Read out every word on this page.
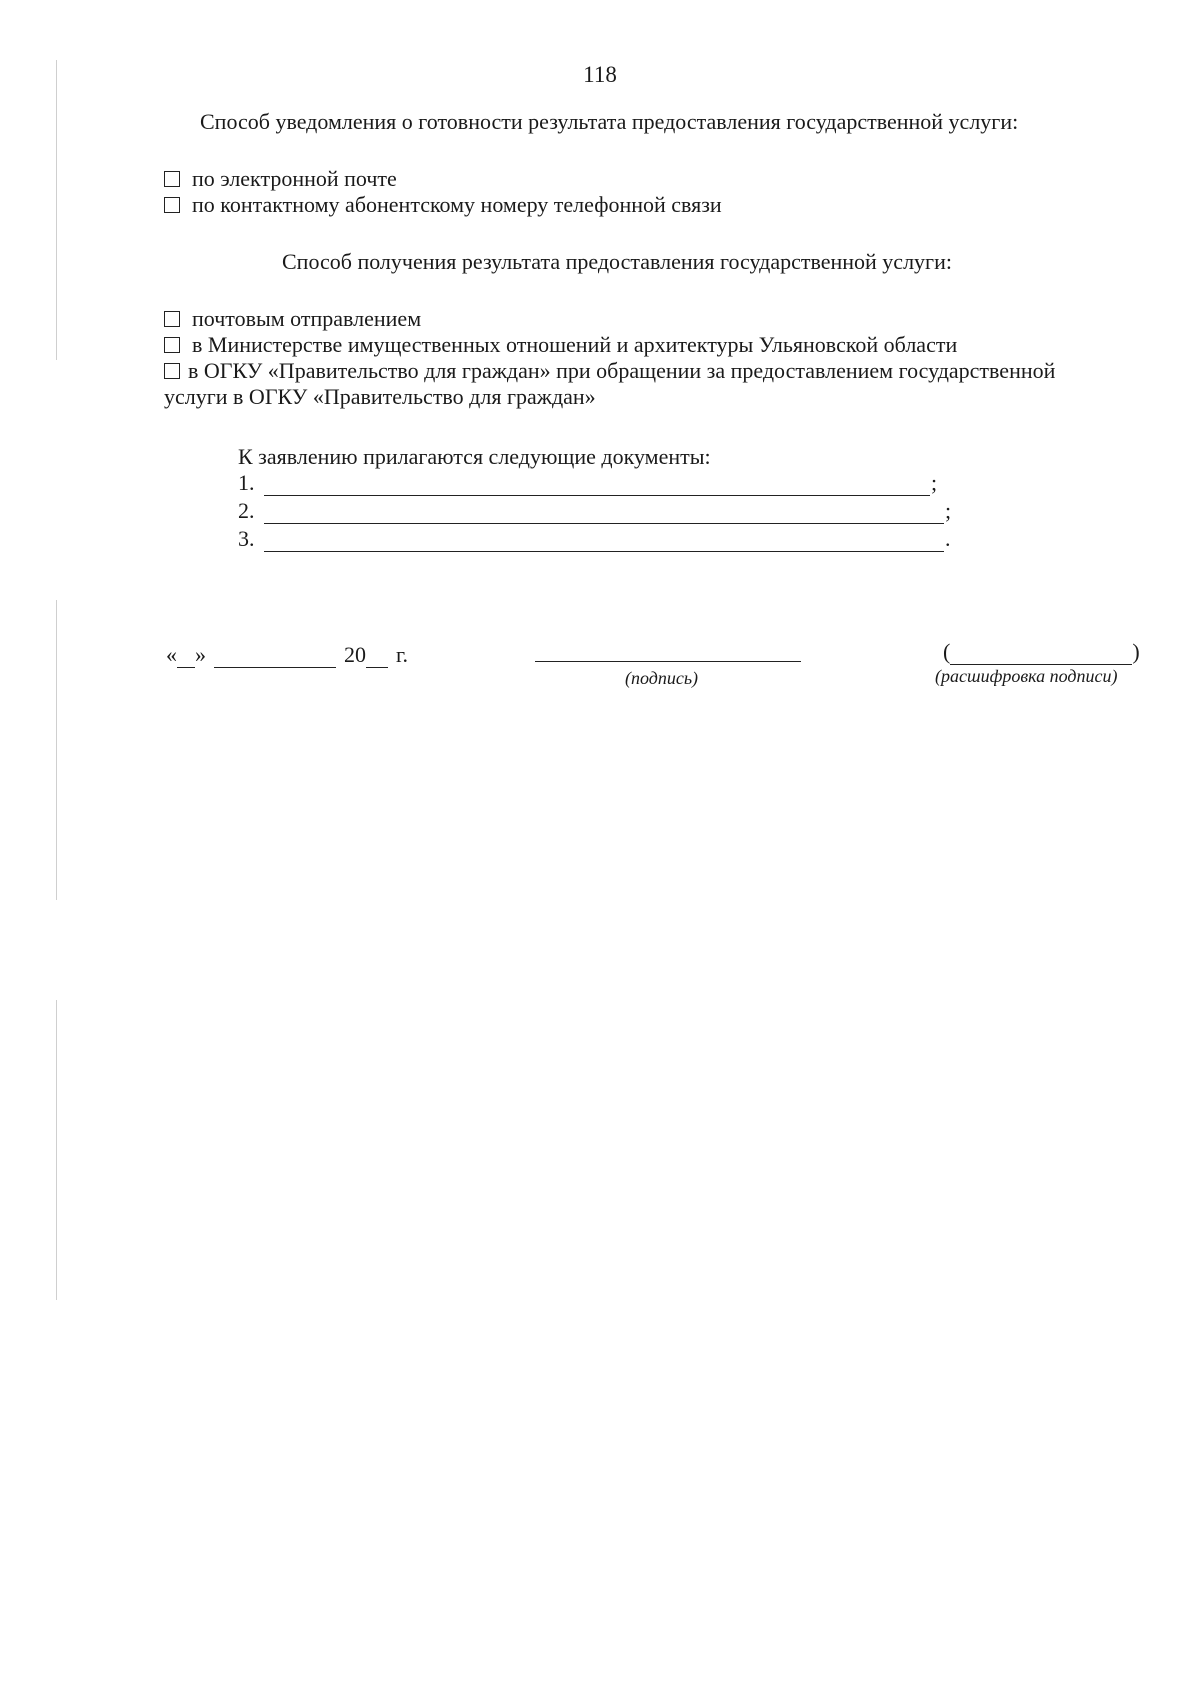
118
Способ уведомления о готовности результата предоставления государственной услуги:
по электронной почте
по контактному абонентскому номеру телефонной связи
Способ получения результата предоставления государственной услуги:
почтовым отправлением
в Министерстве имущественных отношений и архитектуры Ульяновской области
в ОГКУ «Правительство для граждан» при обращении за предоставлением государственной
услуги в ОГКУ «Правительство для граждан»
К заявлению прилагаются следующие документы:
1.	;
2.	;
3.	.
« »	20 г.
(подпись)
(	)
(расшифровка подписи)
